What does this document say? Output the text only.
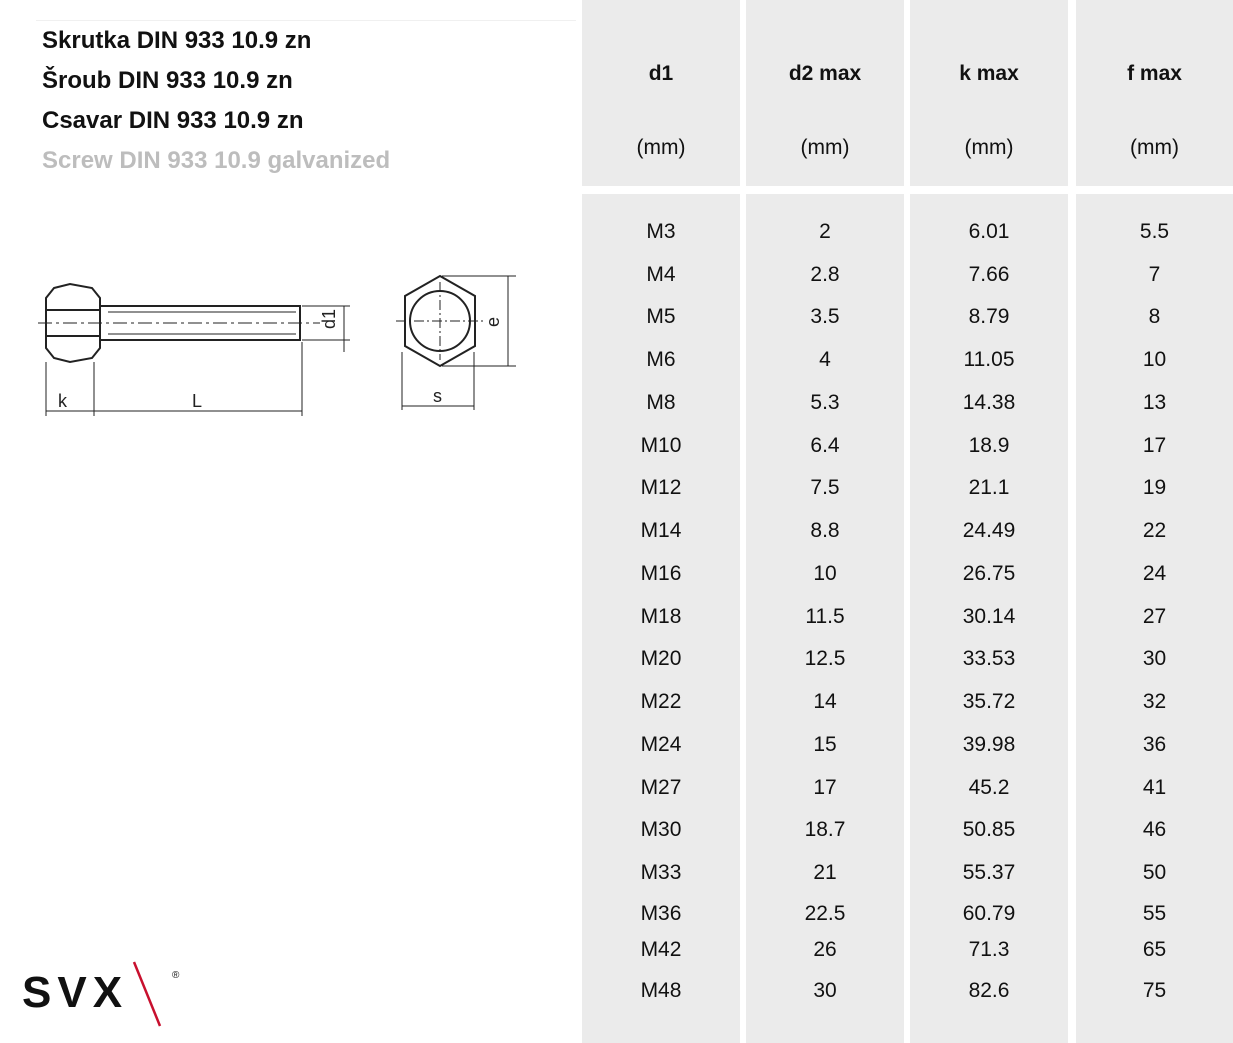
Skrutka DIN 933 10.9 zn
Šroub DIN 933 10.9 zn
Csavar DIN 933 10.9 zn
Screw DIN 933 10.9 galvanized
k	L
d1	e
s
SVX	®
d1
(mm)
d2 max
(mm)
k max
(mm)
f max
(mm)
M3	2	6.01	5.5
M4	2.8	7.66	7
M5	3.5	8.79	8
M6	4	11.05	10
M8	5.3	14.38	13
M10	6.4	18.9	17
M12	7.5	21.1	19
M14	8.8	24.49	22
M16	10	26.75	24
M18	11.5	30.14	27
M20	12.5	33.53	30
M22	14	35.72	32
M24	15	39.98	36
M27	17	45.2	41
M30	18.7	50.85	46
M33	21	55.37	50
M36	22.5	60.79	55
M42	26	71.3	65
M48	30	82.6	75
